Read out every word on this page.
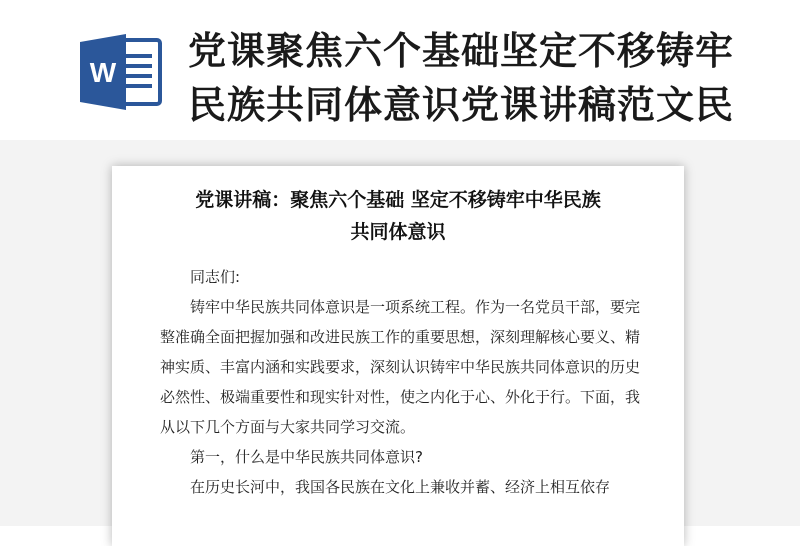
W 党课聚焦六个基础坚定不移铸牢
民族共同体意识党课讲稿范文民
党课讲稿：聚焦六个基础 坚定不移铸牢中华民族
共同体意识

同志们:

铸牢中华民族共同体意识是一项系统工程。作为一名党员干部，要完整准确全面把握加强和改进民族工作的重要思想，深刻理解核心要义、精神实质、丰富内涵和实践要求，深刻认识铸牢中华民族共同体意识的历史必然性、极端重要性和现实针对性，使之内化于心、外化于行。下面，我从以下几个方面与大家共同学习交流。

第一，什么是中华民族共同体意识?

在历史长河中，我国各民族在文化上兼收并蓄、经济上相互依存
